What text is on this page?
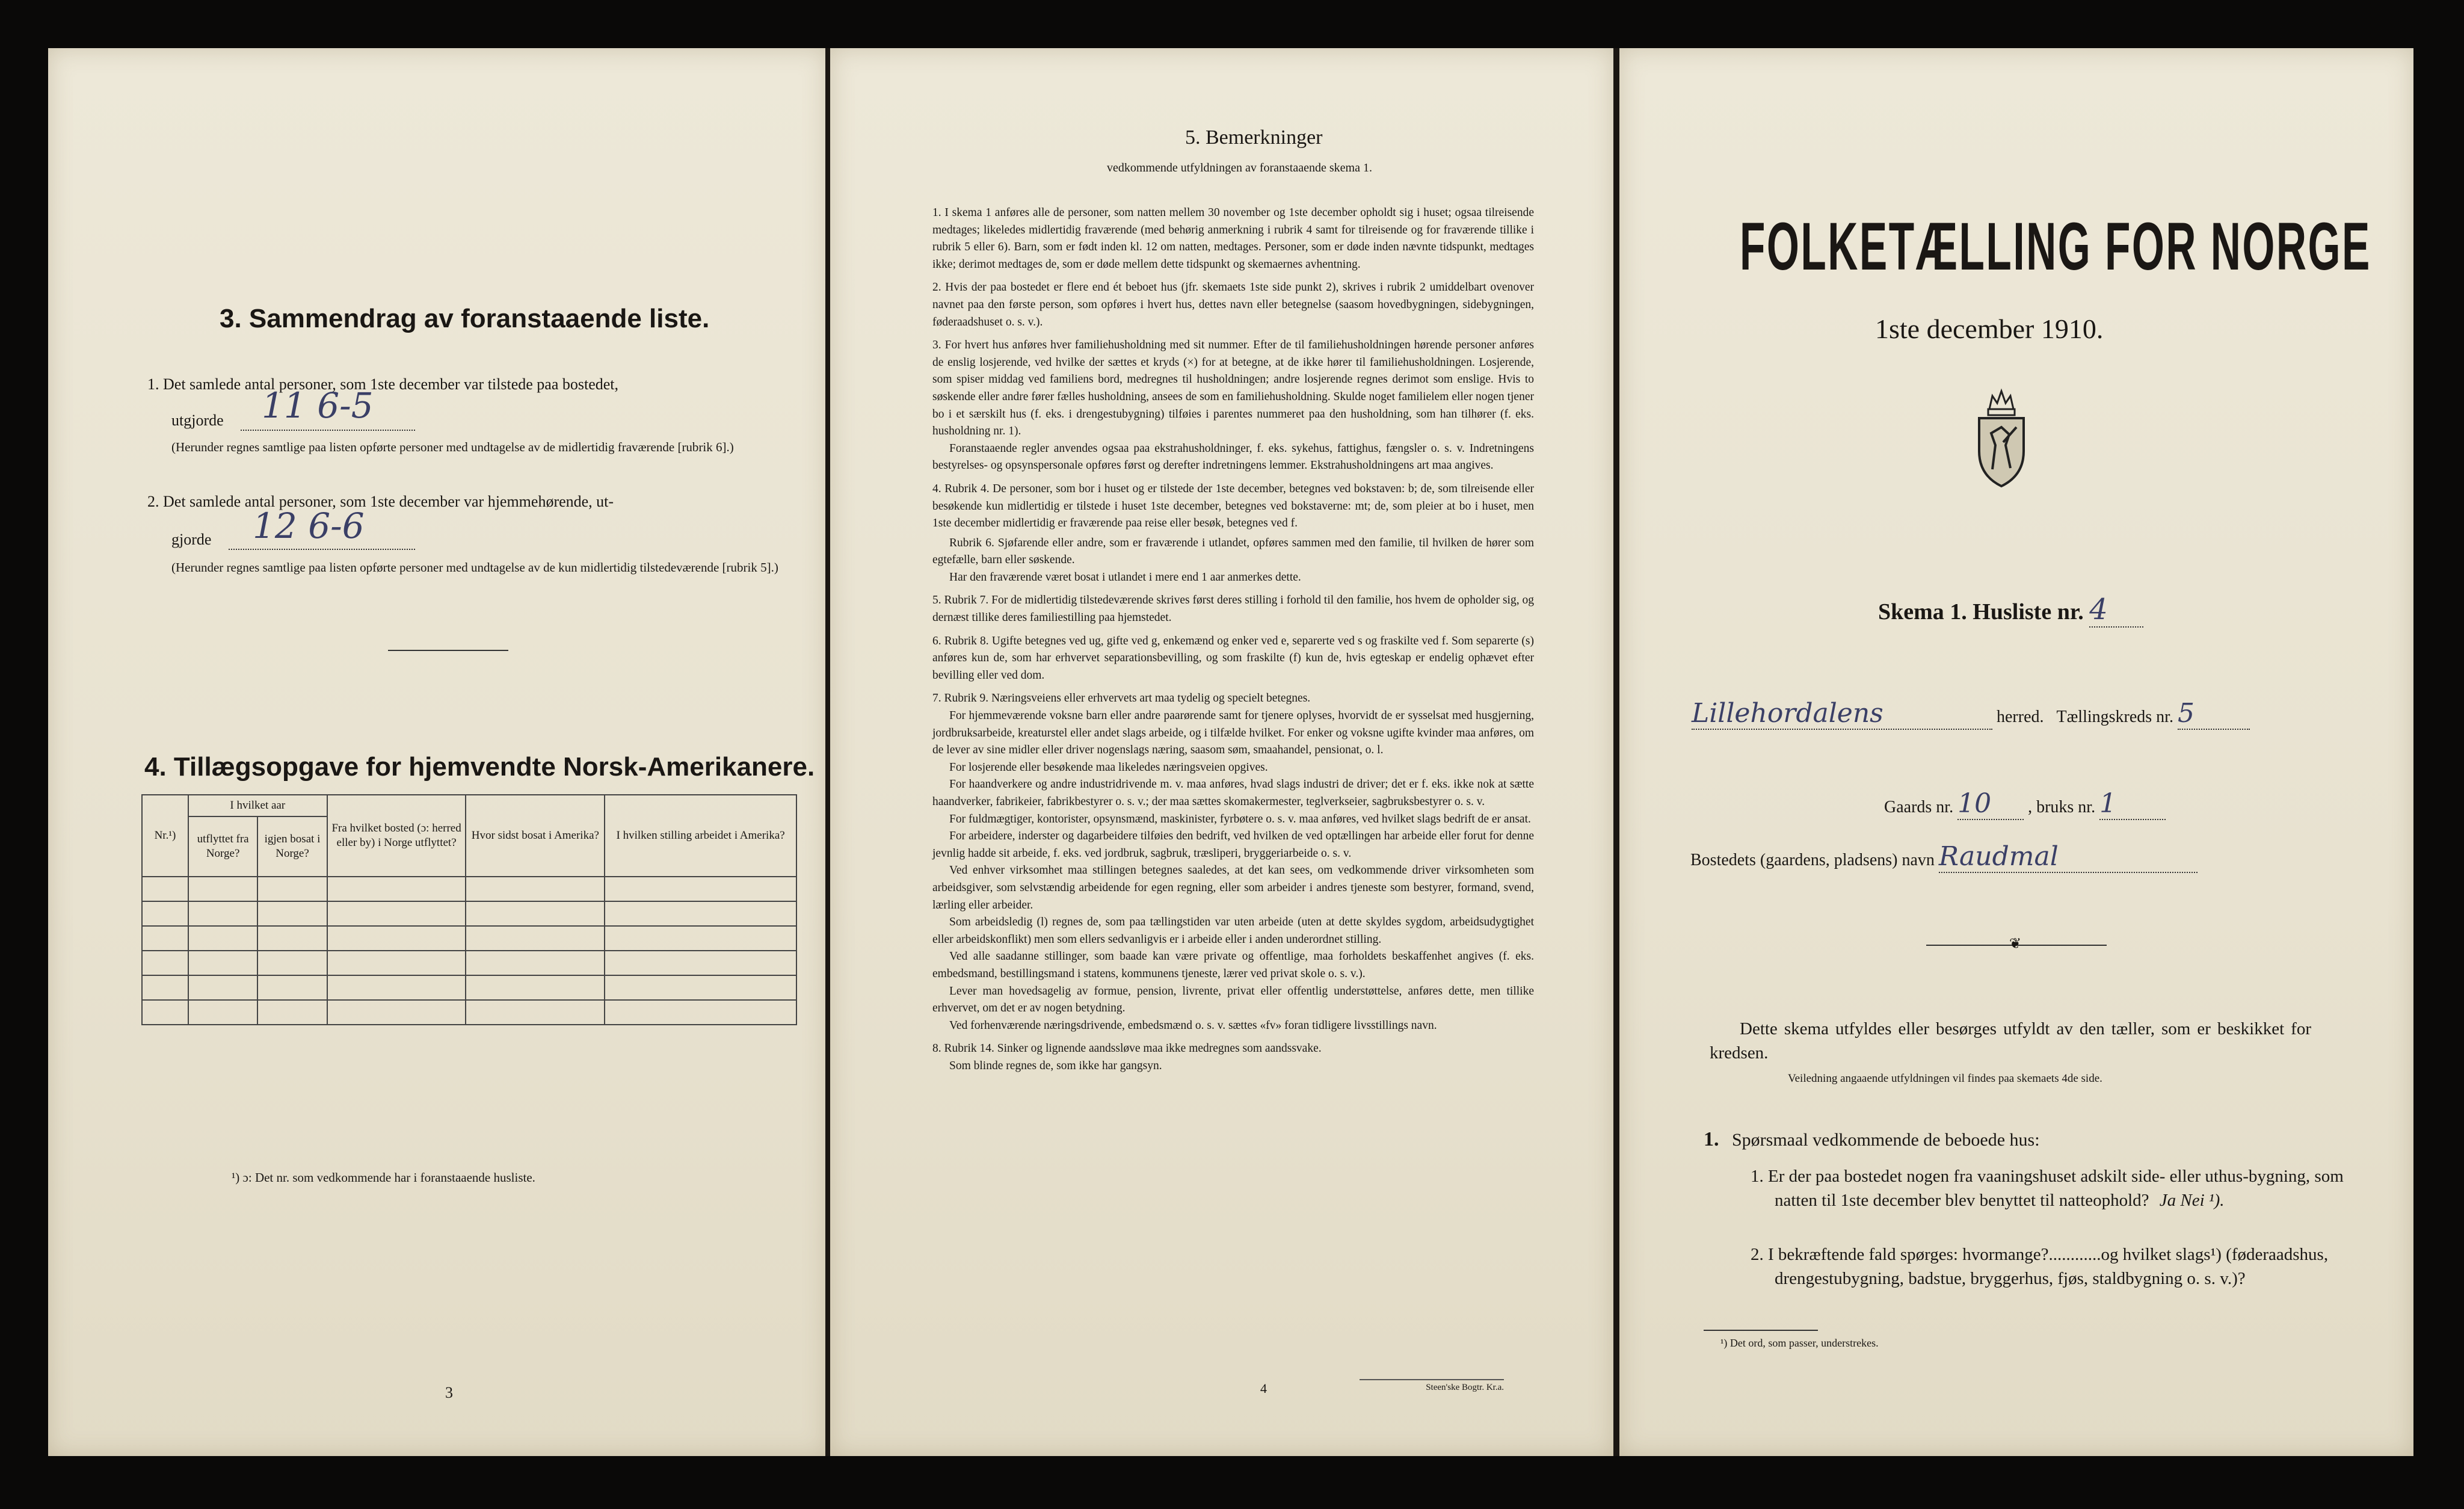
3. Sammendrag av foranstaaende liste.
1. Det samlede antal personer, som 1ste december var tilstede paa bostedet,
utgjorde 11 6-5
(Herunder regnes samtlige paa listen opførte personer med undtagelse av de midlertidig fraværende [rubrik 6].)
2. Det samlede antal personer, som 1ste december var hjemmehørende, ut-
gjorde 12 6-6
(Herunder regnes samtlige paa listen opførte personer med undtagelse av de kun midlertidig tilstedeværende [rubrik 5].)
4. Tillægsopgave for hjemvendte Norsk-Amerikanere.
Nr.¹)	I hvilket aar		Fra hvilket bosted (ɔ: herred eller by) i Norge utflyttet?	Hvor sidst bosat i Amerika?	I hvilken stilling arbeidet i Amerika?
	utflyttet fra Norge?	igjen bosat i Norge?			

¹) ɔ: Det nr. som vedkommende har i foranstaaende husliste.
3
5. Bemerkninger
vedkommende utfyldningen av foranstaaende skema 1.

1. I skema 1 anføres alle de personer, som natten mellem 30 november og 1ste december opholdt sig i huset; ogsaa tilreisende medtages; likeledes midlertidig fraværende (med behørig anmerkning i rubrik 4 samt for tilreisende og for fraværende tillike i rubrik 5 eller 6). Barn, som er født inden kl. 12 om natten, medtages. Personer, som er døde inden nævnte tidspunkt, medtages ikke; derimot medtages de, som er døde mellem dette tidspunkt og skemaernes avhentning.

2. Hvis der paa bostedet er flere end ét beboet hus (jfr. skemaets 1ste side punkt 2), skrives i rubrik 2 umiddelbart ovenover navnet paa den første person, som opføres i hvert hus, dettes navn eller betegnelse (saasom hovedbygningen, sidebygningen, føderaadshuset o. s. v.).

3. For hvert hus anføres hver familiehusholdning med sit nummer. Efter de til familiehusholdningen hørende personer anføres de enslig losjerende, ved hvilke der sættes et kryds (×) for at betegne, at de ikke hører til familiehusholdningen. Losjerende, som spiser middag ved familiens bord, medregnes til husholdningen; andre losjerende regnes derimot som enslige. Hvis to søskende eller andre fører fælles husholdning, ansees de som en familiehusholdning. Skulde noget familielem eller nogen tjener bo i et særskilt hus (f. eks. i drengestubygning) tilføies i parentes nummeret paa den husholdning, som han tilhører (f. eks. husholdning nr. 1).

Foranstaaende regler anvendes ogsaa paa ekstrahusholdninger, f. eks. sykehus, fattighus, fængsler o. s. v. Indretningens bestyrelses- og opsynspersonale opføres først og derefter indretningens lemmer. Ekstrahusholdningens art maa angives.

4. Rubrik 4. De personer, som bor i huset og er tilstede der 1ste december, betegnes ved bokstaven: b; de, som tilreisende eller besøkende kun midlertidig er tilstede i huset 1ste december, betegnes ved bokstaverne: mt; de, som pleier at bo i huset, men 1ste december midlertidig er fraværende paa reise eller besøk, betegnes ved f.

Rubrik 6. Sjøfarende eller andre, som er fraværende i utlandet, opføres sammen med den familie, til hvilken de hører som egtefælle, barn eller søskende.

Har den fraværende været bosat i utlandet i mere end 1 aar anmerkes dette.

5. Rubrik 7. For de midlertidig tilstedeværende skrives først deres stilling i forhold til den familie, hos hvem de opholder sig, og dernæst tillike deres familiestilling paa hjemstedet.

6. Rubrik 8. Ugifte betegnes ved ug, gifte ved g, enkemænd og enker ved e, separerte ved s og fraskilte ved f. Som separerte (s) anføres kun de, som har erhvervet separationsbevilling, og som fraskilte (f) kun de, hvis egteskap er endelig ophævet efter bevilling eller ved dom.

7. Rubrik 9. Næringsveiens eller erhvervets art maa tydelig og specielt betegnes.

For hjemmeværende voksne barn eller andre paarørende samt for tjenere oplyses, hvorvidt de er sysselsat med husgjerning, jordbruksarbeide, kreaturstel eller andet slags arbeide, og i tilfælde hvilket. For enker og voksne ugifte kvinder maa anføres, om de lever av sine midler eller driver nogenslags næring, saasom søm, smaahandel, pensionat, o. l.

For losjerende eller besøkende maa likeledes næringsveien opgives.

For haandverkere og andre industridrivende m. v. maa anføres, hvad slags industri de driver; det er f. eks. ikke nok at sætte haandverker, fabrikeier, fabrikbestyrer o. s. v.; der maa sættes skomakermester, teglverkseier, sagbruksbestyrer o. s. v.

For fuldmægtiger, kontorister, opsynsmænd, maskinister, fyrbøtere o. s. v. maa anføres, ved hvilket slags bedrift de er ansat.

For arbeidere, inderster og dagarbeidere tilføies den bedrift, ved hvilken de ved optællingen har arbeide eller forut for denne jevnlig hadde sit arbeide, f. eks. ved jordbruk, sagbruk, træsliperi, bryggeriarbeide o. s. v.

Ved enhver virksomhet maa stillingen betegnes saaledes, at det kan sees, om vedkommende driver virksomheten som arbeidsgiver, som selvstændig arbeidende for egen regning, eller som arbeider i andres tjeneste som bestyrer, formand, svend, lærling eller arbeider.

Som arbeidsledig (l) regnes de, som paa tællingstiden var uten arbeide (uten at dette skyldes sygdom, arbeidsudygtighet eller arbeidskonflikt) men som ellers sedvanligvis er i arbeide eller i anden underordnet stilling.

Ved alle saadanne stillinger, som baade kan være private og offentlige, maa forholdets beskaffenhet angives (f. eks. embedsmand, bestillingsmand i statens, kommunens tjeneste, lærer ved privat skole o. s. v.).

Lever man hovedsagelig av formue, pension, livrente, privat eller offentlig understøttelse, anføres dette, men tillike erhvervet, om det er av nogen betydning.

Ved forhenværende næringsdrivende, embedsmænd o. s. v. sættes «fv» foran tidligere livsstillings navn.

8. Rubrik 14. Sinker og lignende aandssløve maa ikke medregnes som aandssvake.

Som blinde regnes de, som ikke har gangsyn.

4	Steen'ske Bogtr. Kr.a.
FOLKETÆLLING FOR NORGE
1ste december 1910.
Skema 1. Husliste nr. 4
Lillehordalens	herred. Tællingskreds nr. 5
Gaards nr. 10 , bruks nr. 1
Bostedets (gaardens, pladsens) navn Raudmal
❦
Dette skema utfyldes eller besørges utfyldt av den tæller, som er beskikket for kredsen.
Veiledning angaaende utfyldningen vil findes paa skemaets 4de side.
1. Spørsmaal vedkommende de beboede hus:
1. Er der paa bostedet nogen fra vaaningshuset adskilt side- eller uthus-bygning, som natten til 1ste december blev benyttet til natteophold? Ja Nei ¹).
2. I bekræftende fald spørges: hvormange?............og hvilket slags¹) (føderaadshus, drengestubygning, badstue, bryggerhus, fjøs, staldbygning o. s. v.)?
¹) Det ord, som passer, understrekes.
